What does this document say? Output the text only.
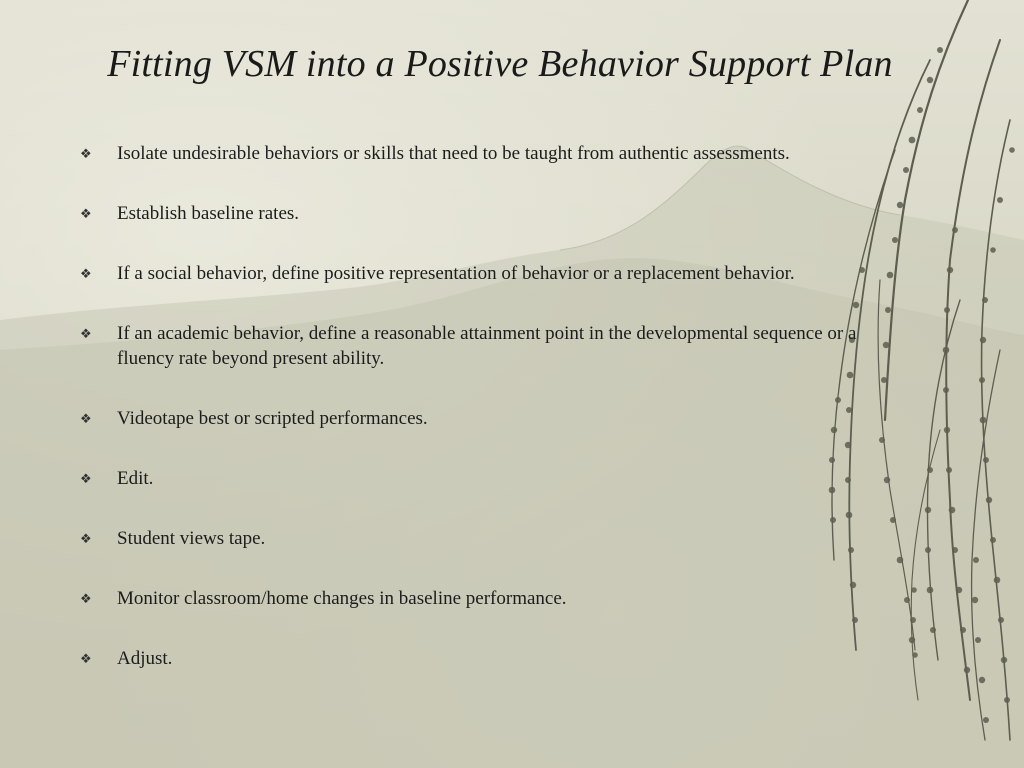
Fitting VSM into a Positive Behavior Support Plan
❖ Isolate undesirable behaviors or skills that need to be taught from authentic assessments.
❖ Establish baseline rates.
❖ If a social behavior, define positive representation of behavior or a replacement behavior.
❖ If an academic behavior, define a reasonable attainment point in the developmental sequence or a fluency rate beyond present ability.
❖ Videotape best or scripted performances.
❖ Edit.
❖ Student views tape.
❖ Monitor classroom/home changes in baseline performance.
❖ Adjust.
